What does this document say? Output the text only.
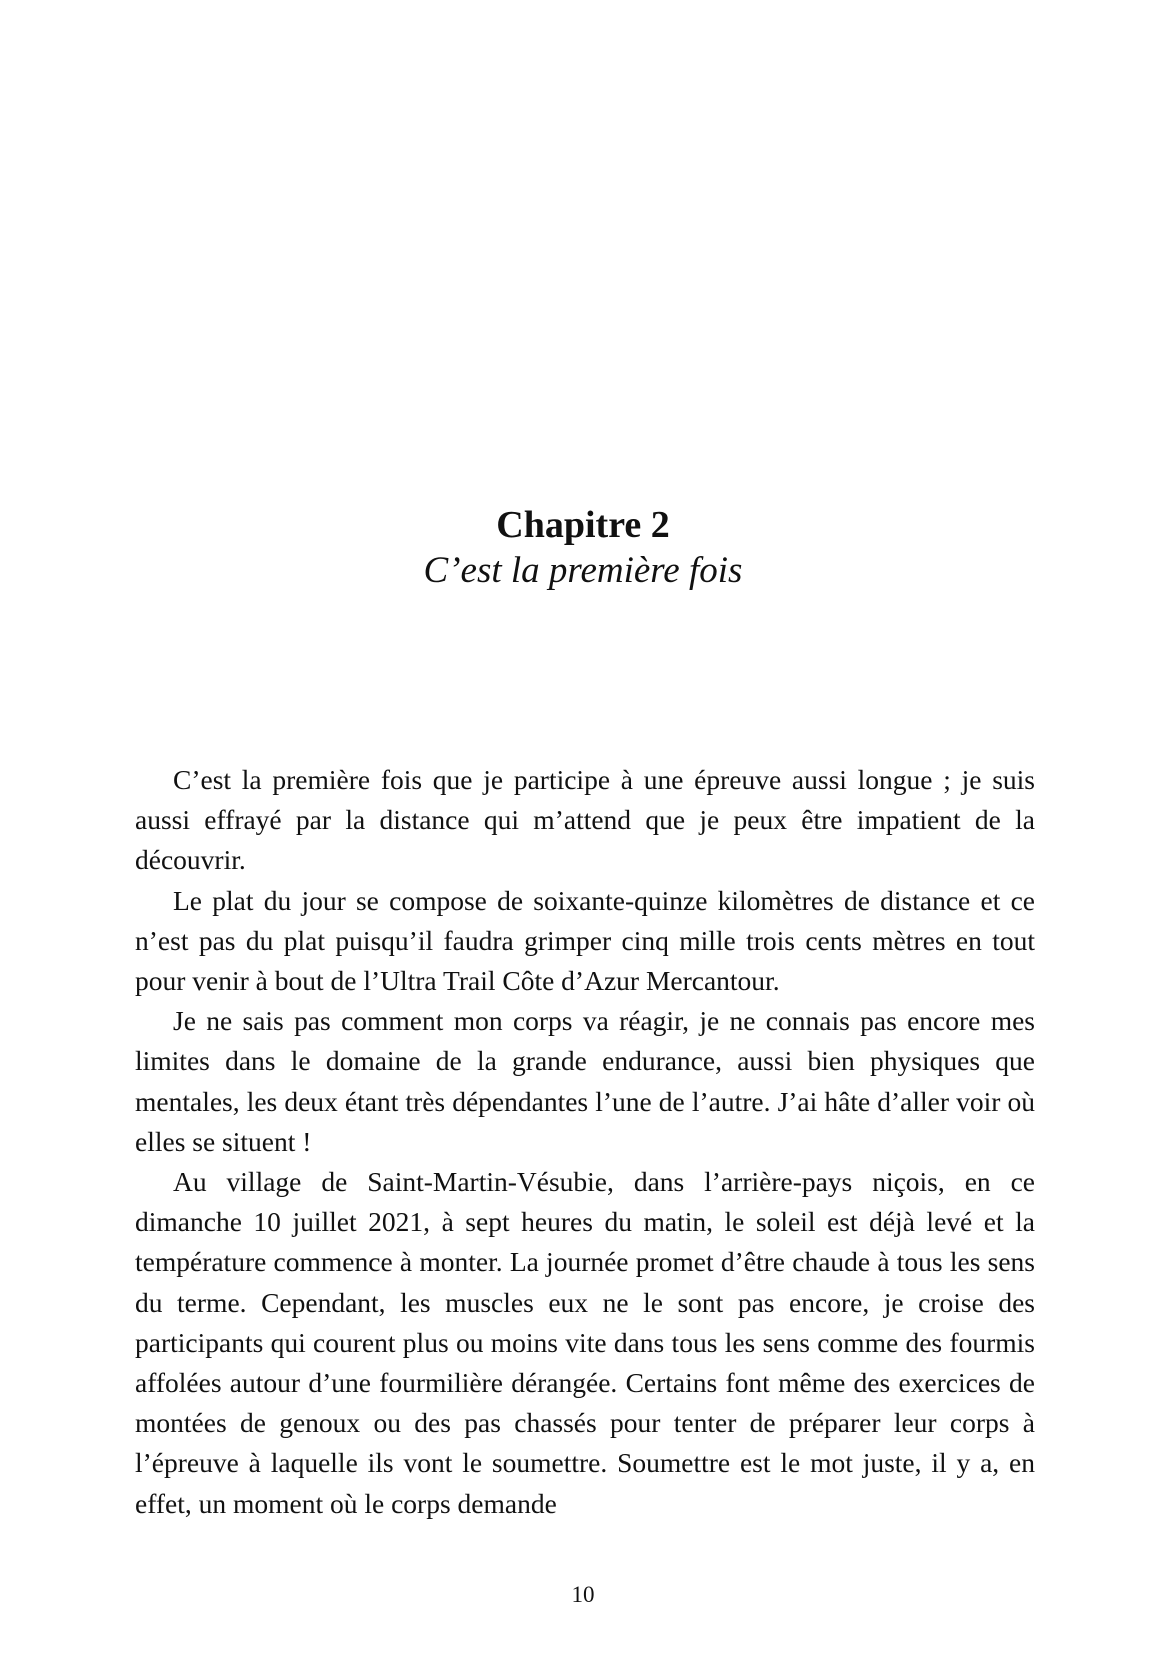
Chapitre 2
C’est la première fois

C’est la première fois que je participe à une épreuve aussi longue ; je suis aussi effrayé par la distance qui m’attend que je peux être impatient de la découvrir.

Le plat du jour se compose de soixante-quinze kilomètres de distance et ce n’est pas du plat puisqu’il faudra grimper cinq mille trois cents mètres en tout pour venir à bout de l’Ultra Trail Côte d’Azur Mercantour.

Je ne sais pas comment mon corps va réagir, je ne connais pas encore mes limites dans le domaine de la grande endurance, aussi bien physiques que mentales, les deux étant très dépendantes l’une de l’autre. J’ai hâte d’aller voir où elles se situent !

Au village de Saint-Martin-Vésubie, dans l’arrière-pays niçois, en ce dimanche 10 juillet 2021, à sept heures du matin, le soleil est déjà levé et la température commence à monter. La journée promet d’être chaude à tous les sens du terme. Cependant, les muscles eux ne le sont pas encore, je croise des participants qui courent plus ou moins vite dans tous les sens comme des fourmis affolées autour d’une fourmilière dérangée. Certains font même des exercices de montées de genoux ou des pas chassés pour tenter de préparer leur corps à l’épreuve à laquelle ils vont le soumettre. Soumettre est le mot juste, il y a, en effet, un moment où le corps demande

10
